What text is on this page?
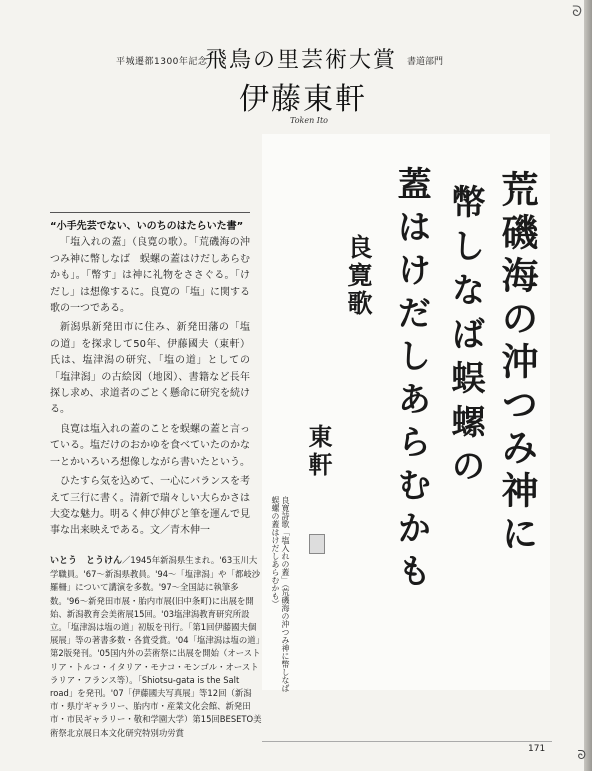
ᘐ
平城遷都1300年記念
飛鳥の里芸術大賞 書道部門
伊藤東軒
Token Ito
荒磯海の沖つみ神に
幣しなば蜈螺の
蓋はけだしあらむかも
良寛歌
東軒
良寛詩歌「塩入れの蓋」（荒磯海の沖つみ神に幣しなば蜈螺の蓋はけだしあらむかも）
“小手先芸でない、いのちのはたらいた書”

「塩入れの蓋」（良寛の歌）。「荒磯海の沖つみ神に幣しなば　蜈螺の蓋はけだしあらむかも」。「幣す」は神に礼物をささぐる。「けだし」は想像するに。良寛の「塩」に関する歌の一つである。

新潟県新発田市に住み、新発田藩の「塩の道」を探求して50年、伊藤國夫（東軒）氏は、塩津潟の研究、「塩の道」としての「塩津潟」の古絵図（地図）、書籍など長年探し求め、求道者のごとく懸命に研究を続ける。

良寛は塩入れの蓋のことを蜈螺の蓋と言っている。塩だけのおかゆを食べていたのかな一とかいろいろ想像しながら書いたという。

ひたすら気を込めて、一心にバランスを考えて三行に書く。清新で瑞々しい大らかさは大変な魅力。明るく伸び伸びと筆を運んで見事な出来映えである。文／青木伸一

いとう　とうけん／1945年新潟県生まれ。'63玉川大学職員。'67～新潟県教員。'94～「塩津潟」や「都岐沙羅柵」について講演を多数。'97～全国誌に執筆多数。'96～新発田市展・胎内市展(旧中条町)に出展を開始、新潟教育会美術展15回。'03塩津潟教育研究所設立。「塩津潟は塩の道」初版を刊行。「第1回伊藤國夫個展展」等の著書多数・各賞受賞。'04「塩津潟は塩の道」第2版発刊。'05国内外の芸術祭に出展を開始（オーストリア・トルコ・イタリア・モナコ・モンゴル・オーストラリア・フランス等）。「Shiotsu-gata is the Salt road」を発刊。'07「伊藤國夫写真展」等12回（新潟市・県庁ギャラリー、胎内市・産業文化会館、新発田市・市民ギャラリー・敬和学園大学）第15回BESETO美術祭北京展日本文化研究特別功労賞
171	ᘐ
